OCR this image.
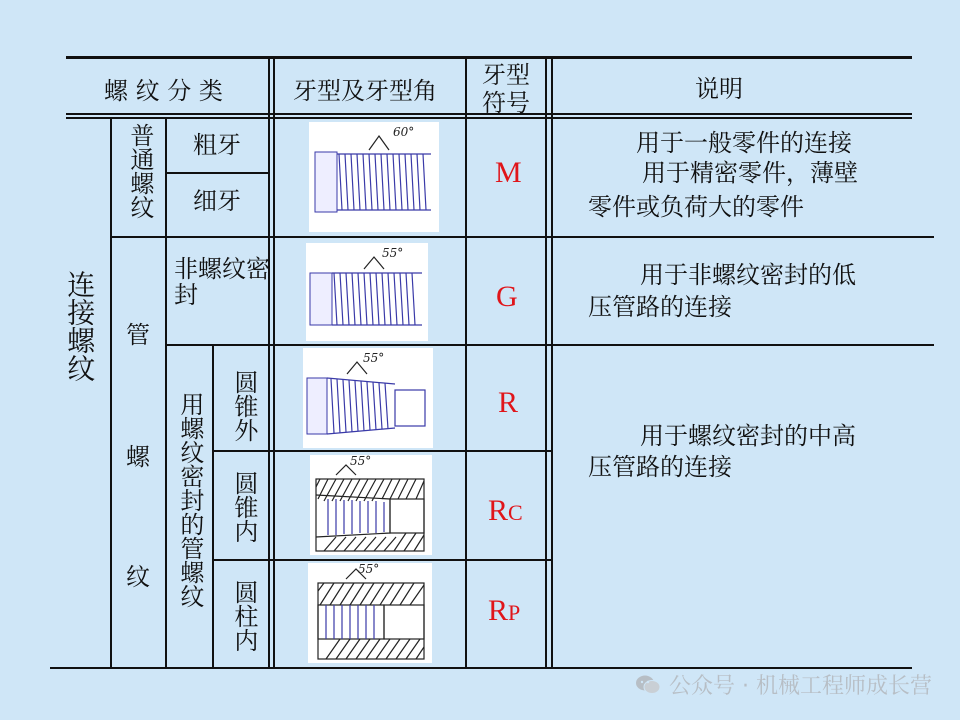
螺 纹 分 类	牙型及牙型角
牙型
符号	说明
连接螺纹
普通螺纹
管
螺
纹
粗牙
细牙
非螺纹密封
用螺纹密封的管螺纹 圆锥外
圆锥内
圆柱内
60°
55°
55°
55°
55°
M
G
R
RC
RP
用于一般零件的连接
用于精密零件，薄壁
零件或负荷大的零件
用于非螺纹密封的低
压管路的连接
用于螺纹密封的中高
压管路的连接
公众号 · 机械工程师成长营
